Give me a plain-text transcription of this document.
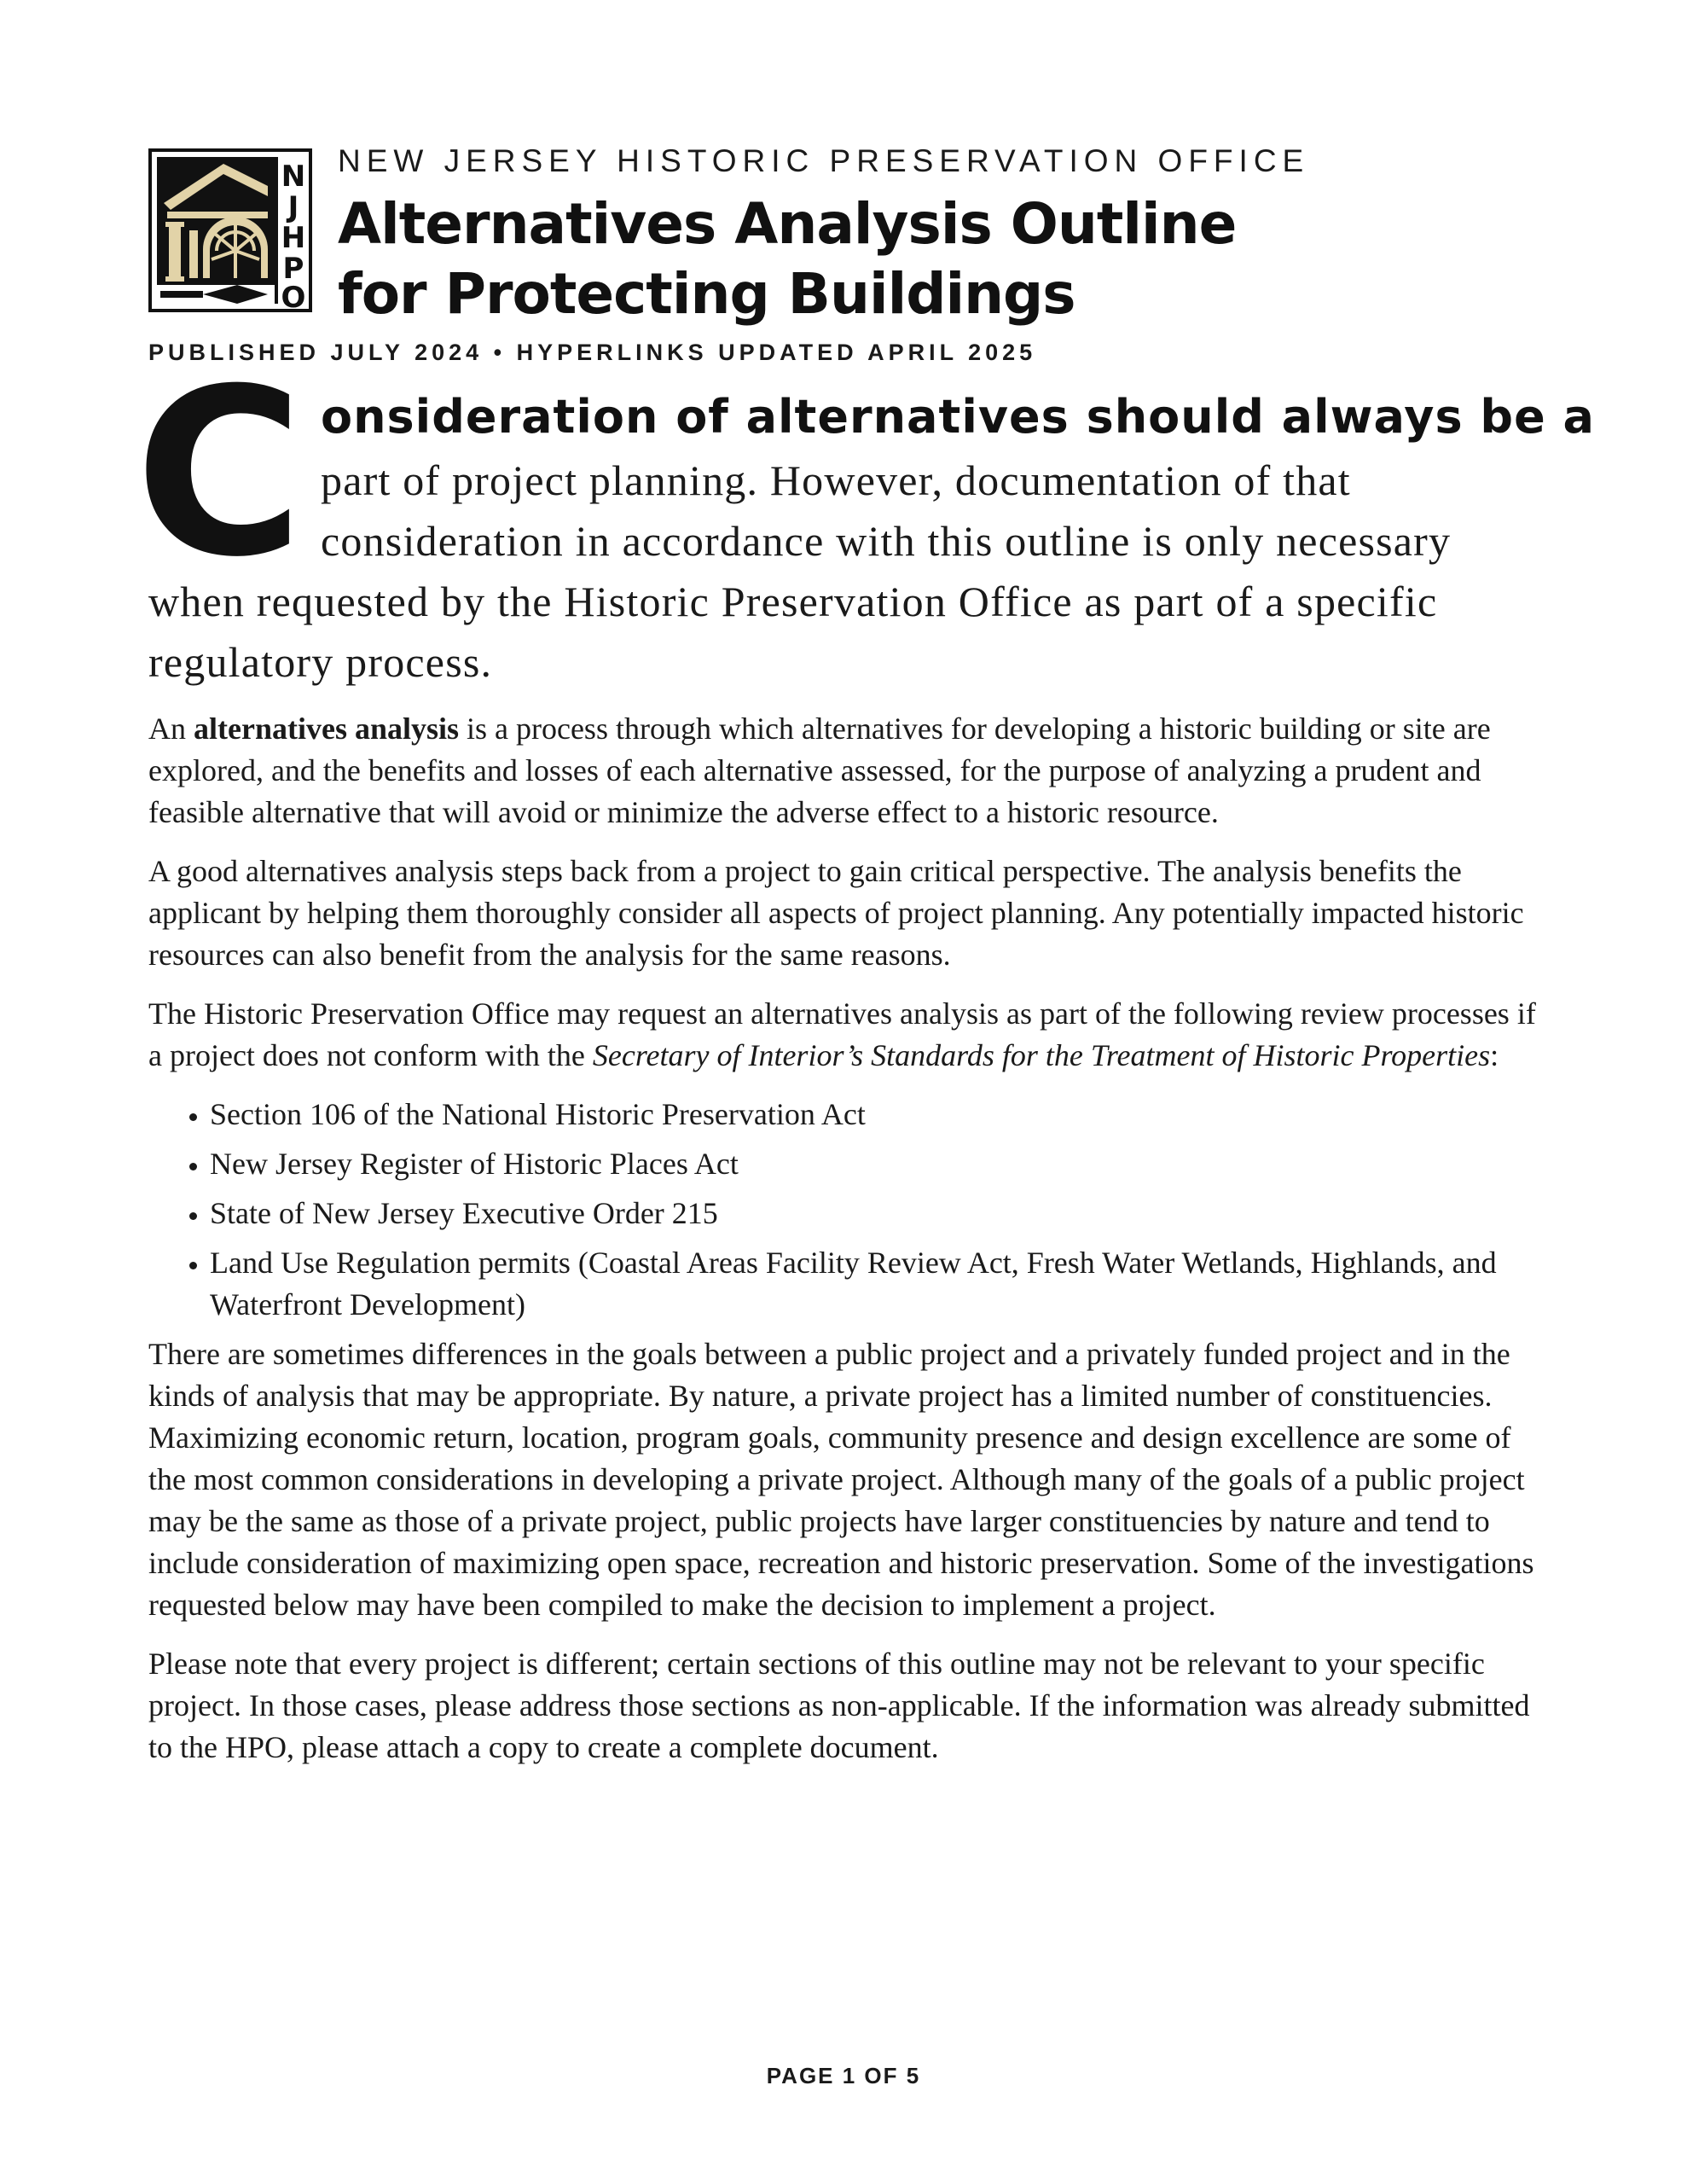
N
J
H
P
O
NEW JERSEY HISTORIC PRESERVATION OFFICE
Alternatives Analysis Outline
for Protecting Buildings
PUBLISHED JULY 2024 • HYPERLINKS UPDATED APRIL 2025
C onsideration of alternatives should always be a
part of project planning. However, documentation of that
consideration in accordance with this outline is only necessary
when requested by the Historic Preservation Office as part of a specific
regulatory process.

An alternatives analysis is a process through which alternatives for developing a historic building or site are explored, and the benefits and losses of each alternative assessed, for the purpose of analyzing a prudent and feasible alternative that will avoid or minimize the adverse effect to a historic resource.

A good alternatives analysis steps back from a project to gain critical perspective. The analysis benefits the applicant by helping them thoroughly consider all aspects of project planning. Any potentially impacted historic resources can also benefit from the analysis for the same reasons.

The Historic Preservation Office may request an alternatives analysis as part of the following review processes if a project does not conform with the Secretary of Interior’s Standards for the Treatment of Historic Properties:

• Section 106 of the National Historic Preservation Act
• New Jersey Register of Historic Places Act
• State of New Jersey Executive Order 215
• Land Use Regulation permits (Coastal Areas Facility Review Act, Fresh Water Wetlands, Highlands, and Waterfront Development)

There are sometimes differences in the goals between a public project and a privately funded project and in the kinds of analysis that may be appropriate. By nature, a private project has a limited number of constituencies. Maximizing economic return, location, program goals, community presence and design excellence are some of the most common considerations in developing a private project. Although many of the goals of a public project may be the same as those of a private project, public projects have larger constituencies by nature and tend to include consideration of maximizing open space, recreation and historic preservation. Some of the investigations requested below may have been compiled to make the decision to implement a project.

Please note that every project is different; certain sections of this outline may not be relevant to your specific project. In those cases, please address those sections as non-applicable. If the information was already submitted to the HPO, please attach a copy to create a complete document.

PAGE 1 OF 5
